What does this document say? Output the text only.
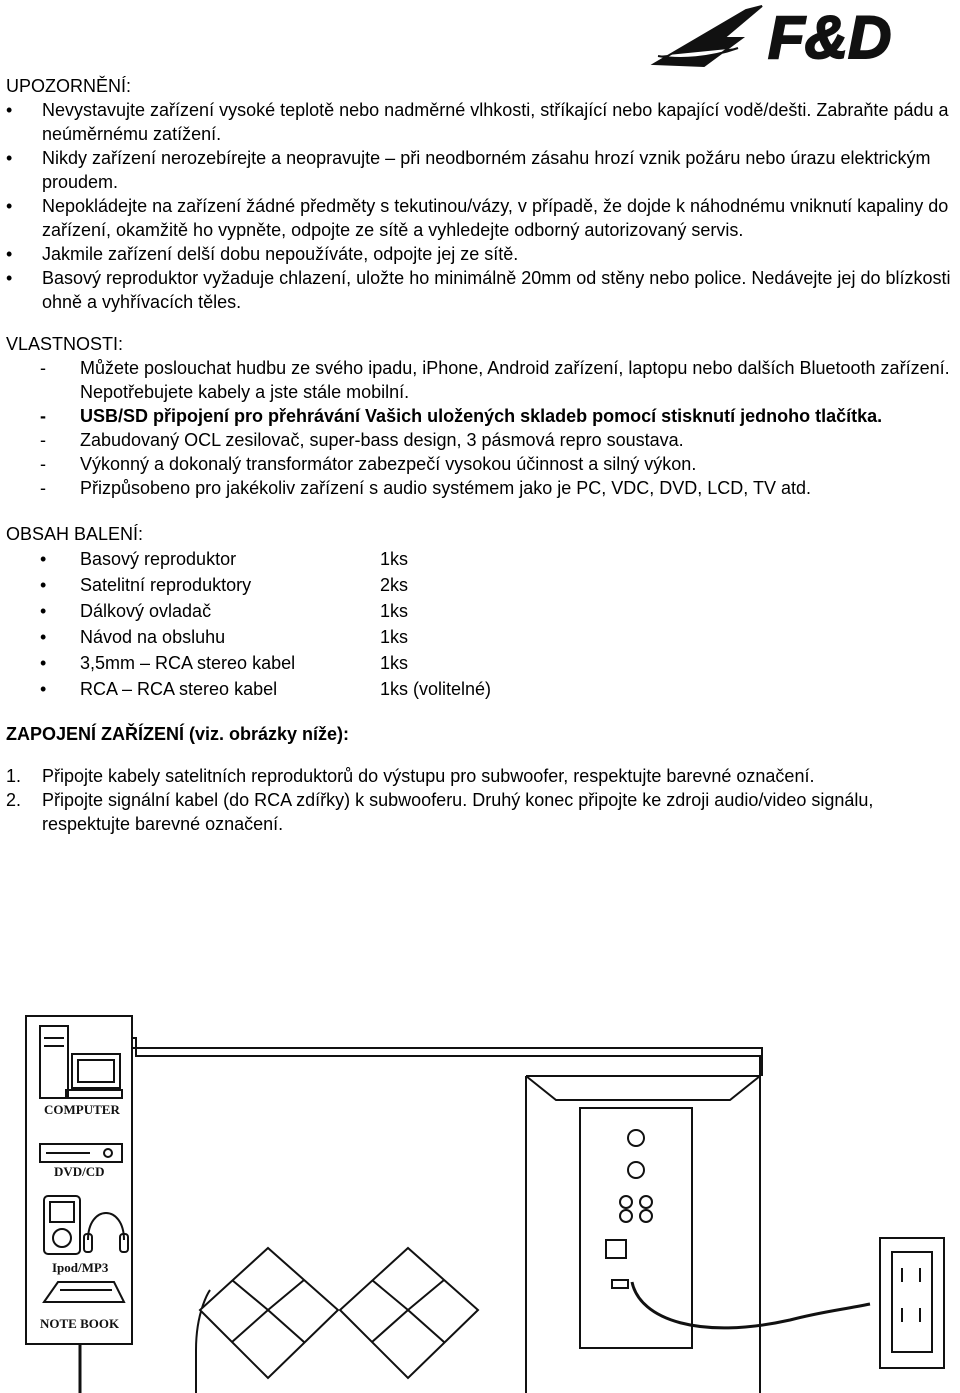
F&D
UPOZORNĚNÍ:
•	Nevystavujte zařízení vysoké teplotě nebo nadměrné vlhkosti, stříkající nebo kapající vodě/dešti. Zabraňte pádu a neúměrnému zatížení.
•	Nikdy zařízení nerozebírejte a neopravujte – při neodborném zásahu hrozí vznik požáru nebo úrazu elektrickým proudem.
•	Nepokládejte na zařízení žádné předměty s tekutinou/vázy, v případě, že dojde k náhodnému vniknutí kapaliny do zařízení, okamžitě ho vypněte, odpojte ze sítě a vyhledejte odborný autorizovaný servis.
•	Jakmile zařízení delší dobu nepoužíváte, odpojte jej ze sítě.
•	Basový reproduktor vyžaduje chlazení, uložte ho minimálně 20mm od stěny nebo police. Nedávejte jej do blízkosti ohně a vyhřívacích těles.
VLASTNOSTI:
- Můžete poslouchat hudbu ze svého ipadu, iPhone, Android zařízení, laptopu nebo dalších Bluetooth zařízení. Nepotřebujete kabely a jste stále mobilní.
- USB/SD připojení pro přehrávání Vašich uložených skladeb pomocí stisknutí jednoho tlačítka.
- Zabudovaný OCL zesilovač, super-bass design, 3 pásmová repro soustava.
- Výkonný a dokonalý transformátor zabezpečí vysokou účinnost a silný výkon.
- Přizpůsobeno pro jakékoliv zařízení s audio systémem jako je PC, VDC, DVD, LCD, TV atd.
OBSAH BALENÍ:
• Basový reproduktor	1ks
• Satelitní reproduktory	2ks
• Dálkový ovladač	1ks
• Návod na obsluhu	1ks
• 3,5mm – RCA stereo kabel	1ks
• RCA – RCA stereo kabel	1ks (volitelné)
ZAPOJENÍ ZAŘÍZENÍ (viz. obrázky níže):
1. Připojte kabely satelitních reproduktorů do výstupu pro subwoofer, respektujte barevné označení.
2. Připojte signální kabel (do RCA zdířky) k subwooferu. Druhý konec připojte ke zdroji audio/video signálu, respektujte barevné označení.
COMPUTER
DVD/CD
Ipod/MP3
NOTE BOOK
